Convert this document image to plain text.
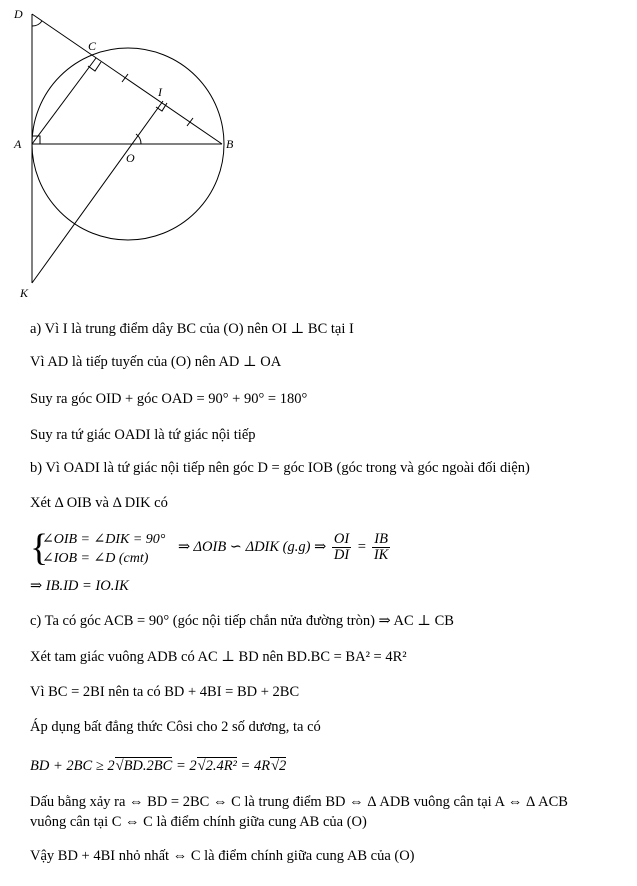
D
C
I
A
O
B
K
a) Vì I là trung điểm dây BC của (O) nên OI ⊥ BC tại I
Vì AD là tiếp tuyến của (O) nên AD ⊥ OA
Suy ra góc OID + góc OAD = 90° + 90° = 180°
Suy ra tứ giác OADI là tứ giác nội tiếp
b) Vì OADI là tứ giác nội tiếp nên góc D = góc IOB (góc trong và góc ngoài đối diện)
Xét Δ OIB và Δ DIK có
{
∠OIB = ∠DIK = 90°
∠IOB = ∠D (cmt)
⇒ ΔOIB ∽ ΔDIK (g.g) ⇒ $\frac{OI}{DI} = \frac{IB}{IK}$
⇒ IB.ID = IO.IK
c) Ta có góc ACB = 90° (góc nội tiếp chắn nửa đường tròn) ⇒ AC ⊥ CB
Xét tam giác vuông ADB có AC ⊥ BD nên BD.BC = BA² = 4R²
Vì BC = 2BI nên ta có BD + 4BI = BD + 2BC
Áp dụng bất đẳng thức Côsi cho 2 số dương, ta có
BD + 2BC ≥ 2√BD.2BC = 2√2.4R² = 4R√2
Dấu bằng xảy ra ⇔ BD = 2BC ⇔ C là trung điểm BD ⇔ Δ ADB vuông cân tại A ⇔ Δ ACB
vuông cân tại C ⇔ C là điểm chính giữa cung AB của (O)
Vậy BD + 4BI nhỏ nhất ⇔ C là điểm chính giữa cung AB của (O)
